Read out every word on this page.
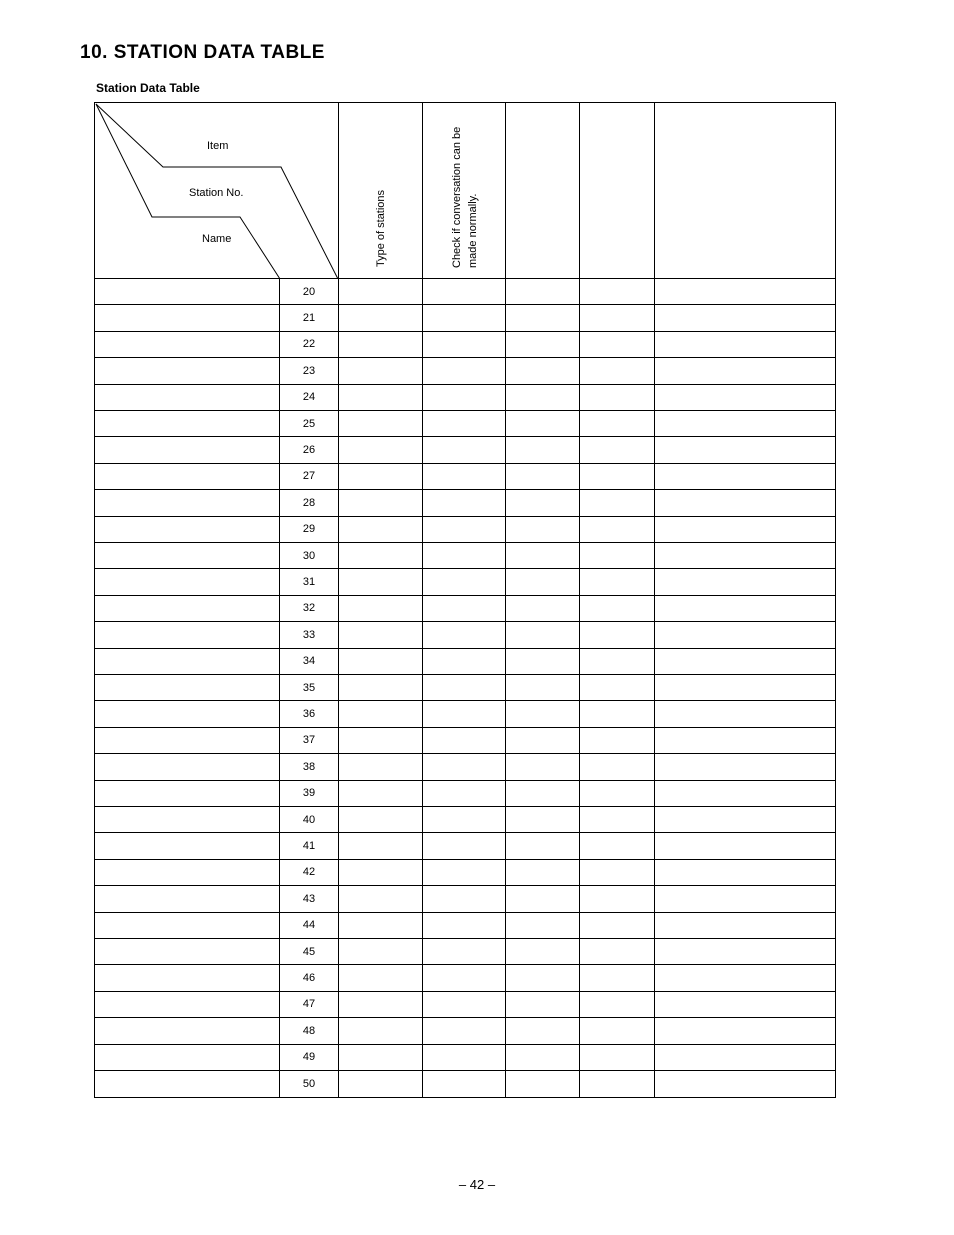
10. STATION DATA TABLE

Station Data Table

Item
Station No.
Name	Type of stations	Check if conversation can be made normally.
20
21
22
23
24
25
26
27
28
29
30
31
32
33
34
35
36
37
38
39
40
41
42
43
44
45
46
47
48
49
50

– 42 –
